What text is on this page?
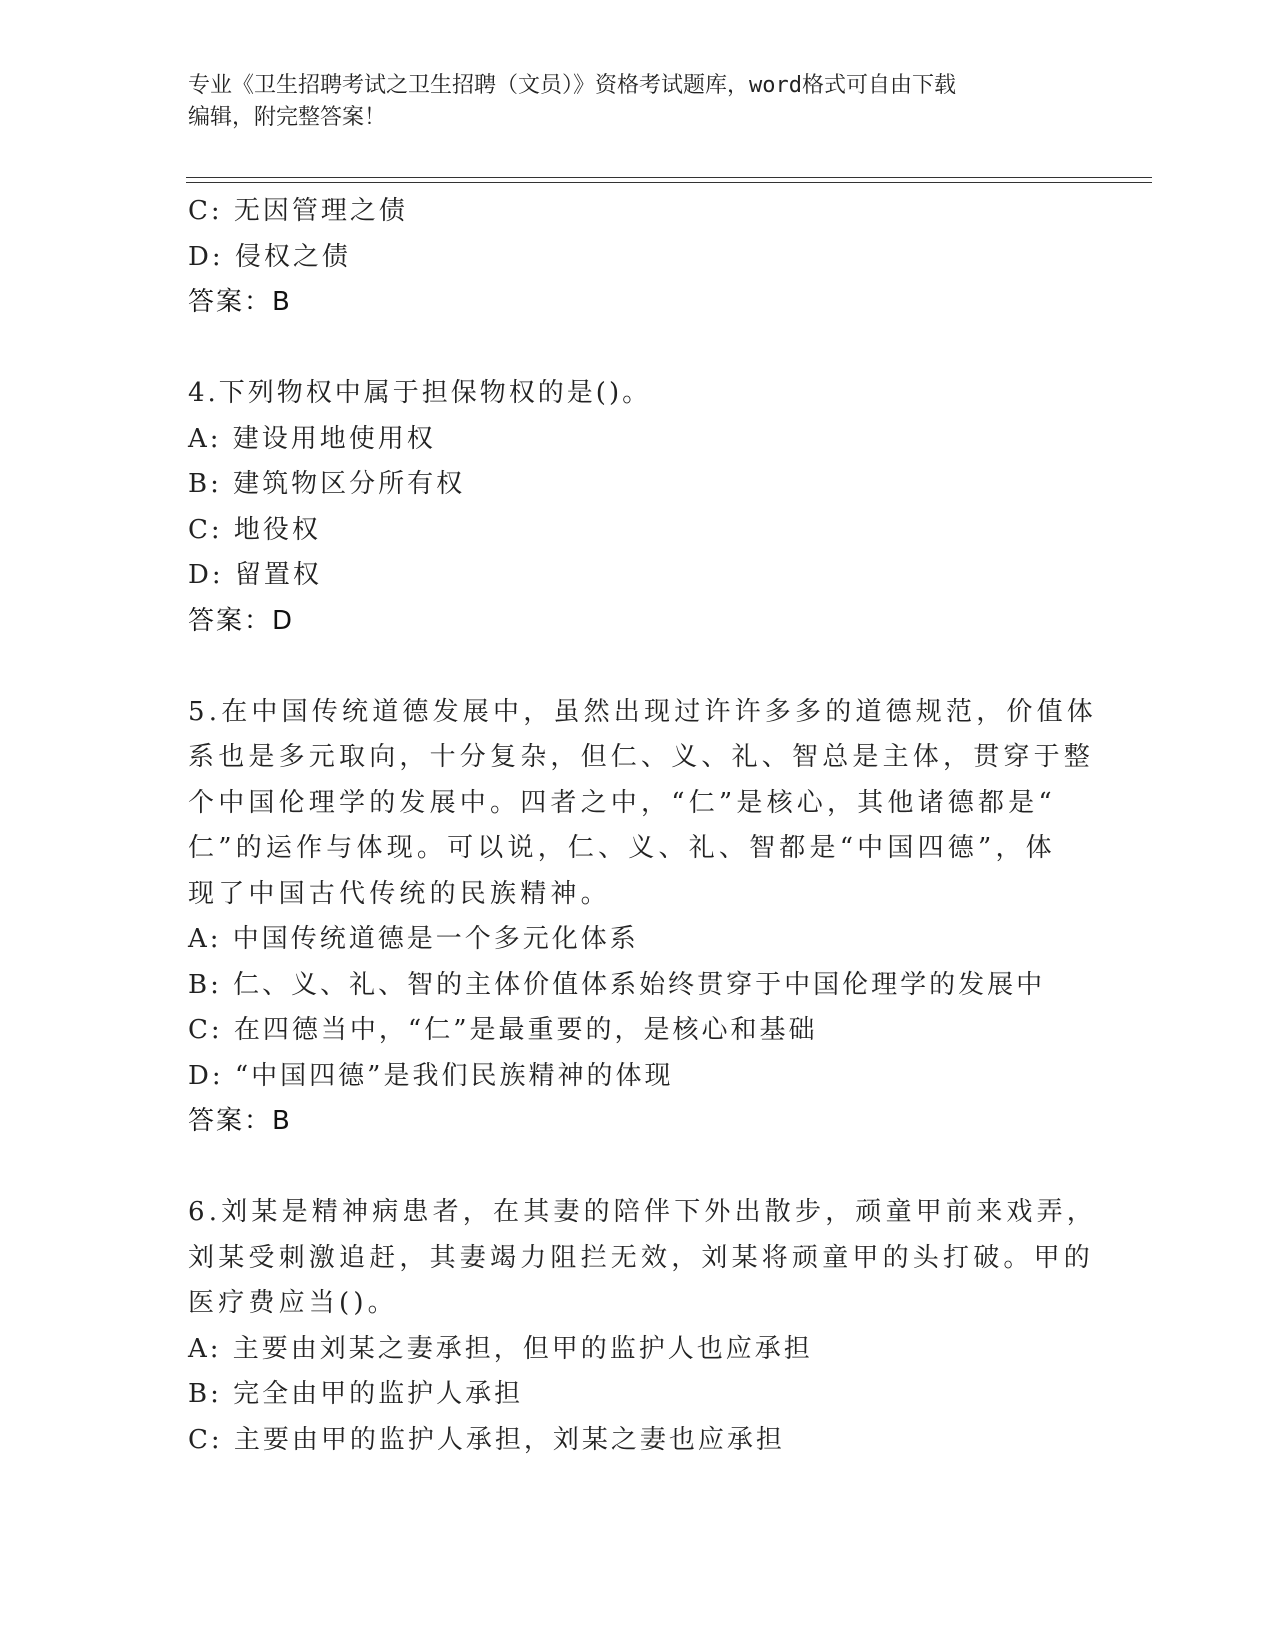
专业《卫生招聘考试之卫生招聘（文员）》资格考试题库，word格式可自由下载
编辑，附完整答案！
C: 无因管理之债
D: 侵权之债
答案：B
4.下列物权中属于担保物权的是()。
A: 建设用地使用权
B: 建筑物区分所有权
C: 地役权
D: 留置权
答案：D
5.在中国传统道德发展中，虽然出现过许许多多的道德规范，价值体
系也是多元取向，十分复杂，但仁、义、礼、智总是主体，贯穿于整
个中国伦理学的发展中。四者之中，“仁”是核心，其他诸德都是“
仁”的运作与体现。可以说，仁、义、礼、智都是“中国四德”，体
现了中国古代传统的民族精神。
A: 中国传统道德是一个多元化体系
B: 仁、义、礼、智的主体价值体系始终贯穿于中国伦理学的发展中
C: 在四德当中，“仁”是最重要的，是核心和基础
D: “中国四德”是我们民族精神的体现
答案：B
6.刘某是精神病患者，在其妻的陪伴下外出散步，顽童甲前来戏弄，
刘某受刺激追赶，其妻竭力阻拦无效，刘某将顽童甲的头打破。甲的
医疗费应当()。
A: 主要由刘某之妻承担，但甲的监护人也应承担
B: 完全由甲的监护人承担
C: 主要由甲的监护人承担，刘某之妻也应承担
